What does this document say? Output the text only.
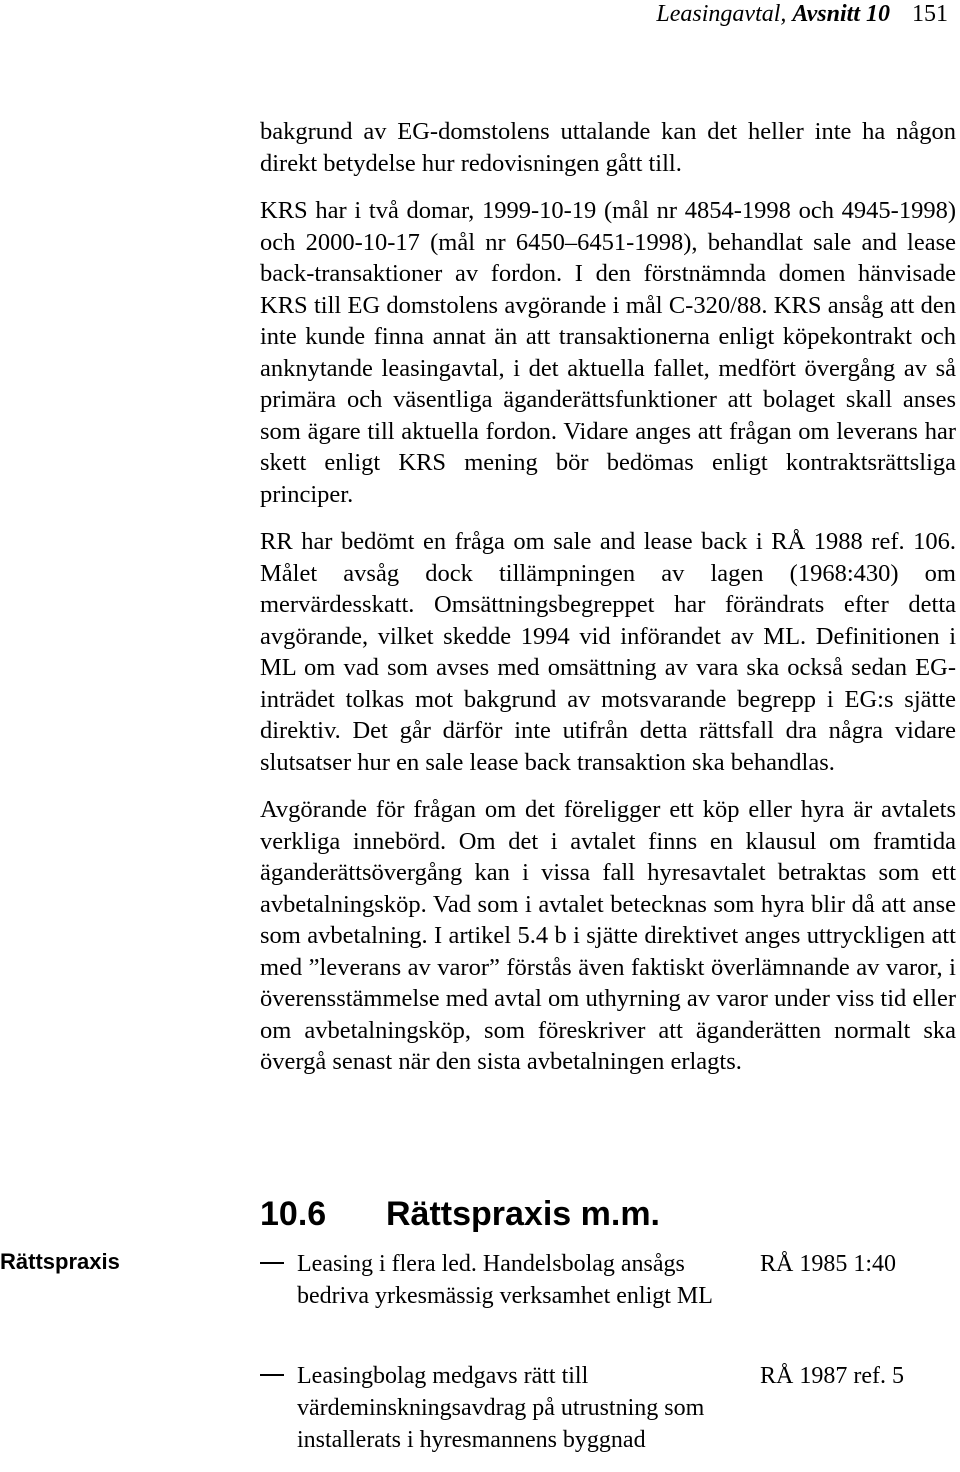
Leasingavtal, Avsnitt 10 151

bakgrund av EG-domstolens uttalande kan det heller inte ha någon direkt betydelse hur redovisningen gått till.

KRS har i två domar, 1999-10-19 (mål nr 4854-1998 och 4945-1998) och 2000-10-17 (mål nr 6450–6451-1998), behandlat sale and lease back-transaktioner av fordon. I den förstnämnda domen hänvisade KRS till EG domstolens avgörande i mål C-320/88. KRS ansåg att den inte kunde finna annat än att transaktionerna enligt köpekontrakt och anknytande leasingavtal, i det aktuella fallet, medfört övergång av så primära och väsentliga äganderättsfunktioner att bolaget skall anses som ägare till aktuella fordon. Vidare anges att frågan om leverans har skett enligt KRS mening bör bedömas enligt kontraktsrättsliga principer.

RR har bedömt en fråga om sale and lease back i RÅ 1988 ref. 106. Målet avsåg dock tillämpningen av lagen (1968:430) om mervärdesskatt. Omsättningsbegreppet har förändrats efter detta avgörande, vilket skedde 1994 vid införandet av ML. Definitionen i ML om vad som avses med omsättning av vara ska också sedan EG-inträdet tolkas mot bakgrund av motsvarande begrepp i EG:s sjätte direktiv. Det går därför inte utifrån detta rättsfall dra några vidare slutsatser hur en sale lease back transaktion ska behandlas.

Avgörande för frågan om det föreligger ett köp eller hyra är avtalets verkliga innebörd. Om det i avtalet finns en klausul om framtida äganderättsövergång kan i vissa fall hyresavtalet betraktas som ett avbetalningsköp. Vad som i avtalet betecknas som hyra blir då att anse som avbetalning. I artikel 5.4 b i sjätte direktivet anges uttryckligen att med ”leverans av varor” förstås även faktiskt överlämnande av varor, i överensstämmelse med avtal om uthyrning av varor under viss tid eller om avbetalningsköp, som föreskriver att äganderätten normalt ska övergå senast när den sista avbetalningen erlagts.

10.6 Rättspraxis m.m.
Rättspraxis	Leasing i flera led. Handelsbolag ansågs bedriva yrkesmässig verksamhet enligt ML
RÅ 1985 1:40
Leasingbolag medgavs rätt till värdeminskningsavdrag på utrustning som installerats i hyresmannens byggnad
RÅ 1987 ref. 5
